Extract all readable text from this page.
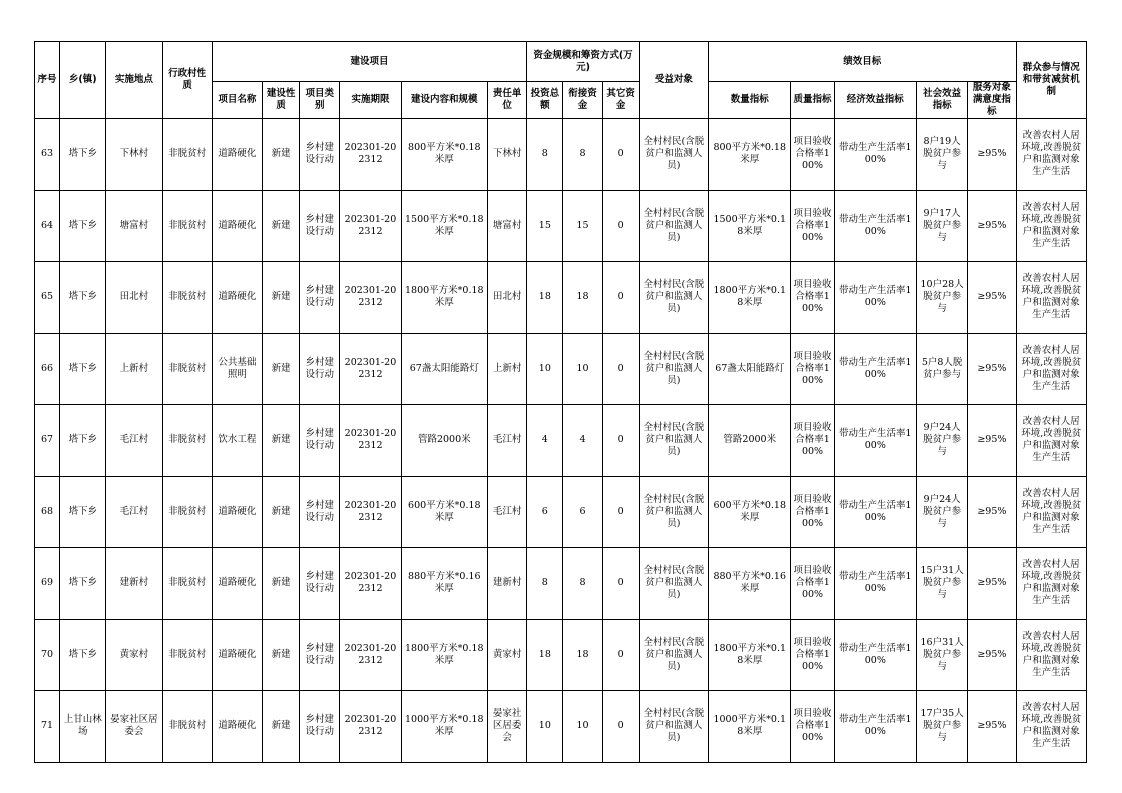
序号	乡(镇)	实施地点	行政村性质	建设项目						资金规模和筹资方式(万元)			受益对象	绩效目标					群众参与情况和带贫减贫机制
				项目名称	建设性质	项目类别	实施期限	建设内容和规模	责任单位	投资总额	衔接资金	其它资金		数量指标	质量指标	经济效益指标	社会效益指标	服务对象满意度指标	
63	塔下乡	下林村	非脱贫村	道路硬化	新建	乡村建设行动	202301-202312	800平方米*0.18米厚	下林村	8	8	0	全村村民(含脱贫户和监测人员)	800平方米*0.18米厚	项目验收合格率100%	带动生产生活率100%	8户19人脱贫户参与	≥95%	改善农村人居环境,改善脱贫户和监测对象生产生活
64	塔下乡	塘富村	非脱贫村	道路硬化	新建	乡村建设行动	202301-202312	1500平方米*0.18米厚	塘富村	15	15	0	全村村民(含脱贫户和监测人员)	1500平方米*0.18米厚	项目验收合格率100%	带动生产生活率100%	9户17人脱贫户参与	≥95%	改善农村人居环境,改善脱贫户和监测对象生产生活
65	塔下乡	田北村	非脱贫村	道路硬化	新建	乡村建设行动	202301-202312	1800平方米*0.18米厚	田北村	18	18	0	全村村民(含脱贫户和监测人员)	1800平方米*0.18米厚	项目验收合格率100%	带动生产生活率100%	10户28人脱贫户参与	≥95%	改善农村人居环境,改善脱贫户和监测对象生产生活
66	塔下乡	上新村	非脱贫村	公共基础照明	新建	乡村建设行动	202301-202312	67盏太阳能路灯	上新村	10	10	0	全村村民(含脱贫户和监测人员)	67盏太阳能路灯	项目验收合格率100%	带动生产生活率100%	5户8人脱贫户参与	≥95%	改善农村人居环境,改善脱贫户和监测对象生产生活
67	塔下乡	毛江村	非脱贫村	饮水工程	新建	乡村建设行动	202301-202312	管路2000米	毛江村	4	4	0	全村村民(含脱贫户和监测人员)	管路2000米	项目验收合格率100%	带动生产生活率100%	9户24人脱贫户参与	≥95%	改善农村人居环境,改善脱贫户和监测对象生产生活
68	塔下乡	毛江村	非脱贫村	道路硬化	新建	乡村建设行动	202301-202312	600平方米*0.18米厚	毛江村	6	6	0	全村村民(含脱贫户和监测人员)	600平方米*0.18米厚	项目验收合格率100%	带动生产生活率100%	9户24人脱贫户参与	≥95%	改善农村人居环境,改善脱贫户和监测对象生产生活
69	塔下乡	建新村	非脱贫村	道路硬化	新建	乡村建设行动	202301-202312	880平方米*0.16米厚	建新村	8	8	0	全村村民(含脱贫户和监测人员)	880平方米*0.16米厚	项目验收合格率100%	带动生产生活率100%	15户31人脱贫户参与	≥95%	改善农村人居环境,改善脱贫户和监测对象生产生活
70	塔下乡	黄家村	非脱贫村	道路硬化	新建	乡村建设行动	202301-202312	1800平方米*0.18米厚	黄家村	18	18	0	全村村民(含脱贫户和监测人员)	1800平方米*0.18米厚	项目验收合格率100%	带动生产生活率100%	16户31人脱贫户参与	≥95%	改善农村人居环境,改善脱贫户和监测对象生产生活
71	上甘山林场	晏家社区居委会	非脱贫村	道路硬化	新建	乡村建设行动	202301-202312	1000平方米*0.18米厚	晏家社区居委会	10	10	0	全村村民(含脱贫户和监测人员)	1000平方米*0.18米厚	项目验收合格率100%	带动生产生活率100%	17户35人脱贫户参与	≥95%	改善农村人居环境,改善脱贫户和监测对象生产生活
